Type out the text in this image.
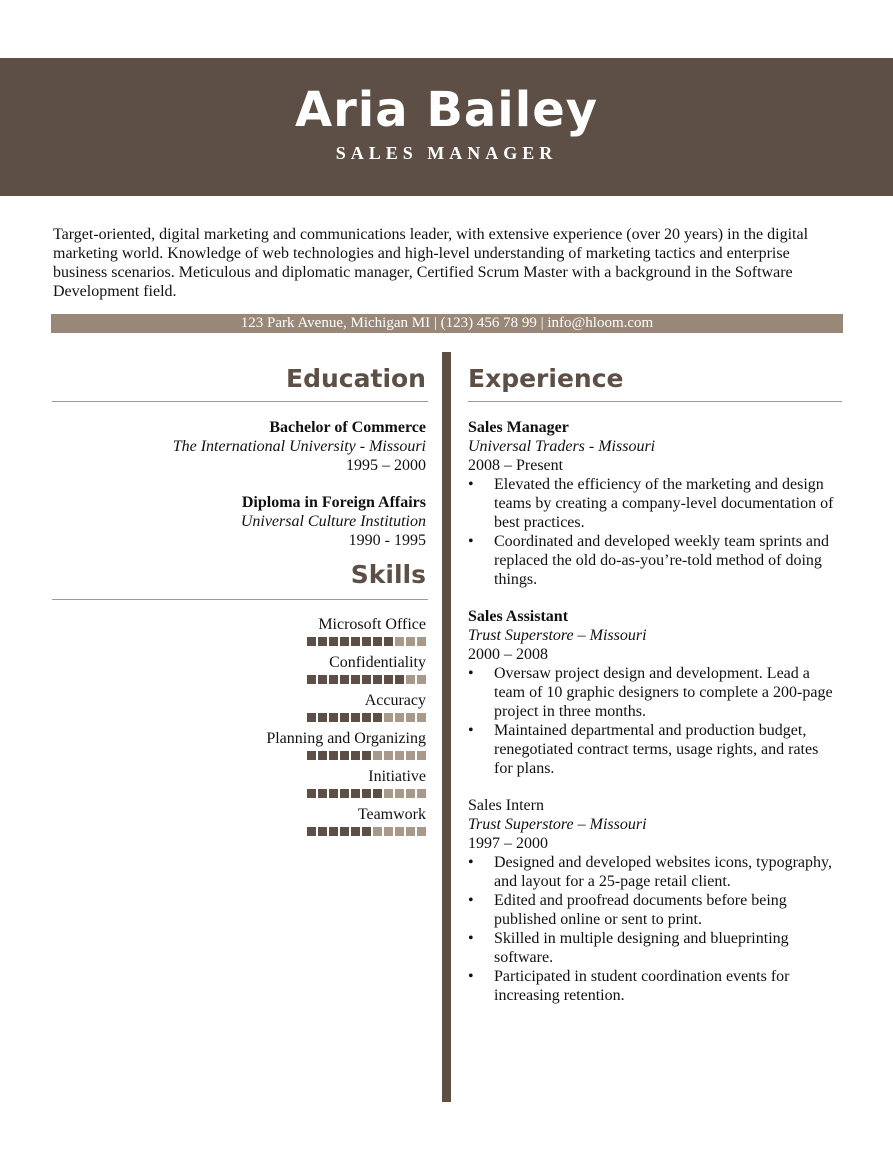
Aria Bailey
SALES MANAGER
Target-oriented, digital marketing and communications leader, with extensive experience (over 20 years) in the digital marketing world. Knowledge of web technologies and high-level understanding of marketing tactics and enterprise business scenarios. Meticulous and diplomatic manager, Certified Scrum Master with a background in the Software Development field.
123 Park Avenue, Michigan MI | (123) 456 78 99 | info@hloom.com
Education
Bachelor of Commerce
The International University - Missouri
1995 – 2000
Diploma in Foreign Affairs
Universal Culture Institution
1990 - 1995
Skills
Microsoft Office
Confidentiality
Accuracy
Planning and Organizing
Initiative
Teamwork
Experience
Sales Manager
Universal Traders - Missouri
2008 – Present
• Elevated the efficiency of the marketing and design teams by creating a company-level documentation of best practices.
• Coordinated and developed weekly team sprints and replaced the old do-as-you’re-told method of doing things.
Sales Assistant
Trust Superstore – Missouri
2000 – 2008
• Oversaw project design and development. Lead a team of 10 graphic designers to complete a 200-page project in three months.
• Maintained departmental and production budget, renegotiated contract terms, usage rights, and rates for plans.
Sales Intern
Trust Superstore – Missouri
1997 – 2000
• Designed and developed websites icons, typography, and layout for a 25-page retail client.
• Edited and proofread documents before being published online or sent to print.
• Skilled in multiple designing and blueprinting software.
• Participated in student coordination events for increasing retention.
